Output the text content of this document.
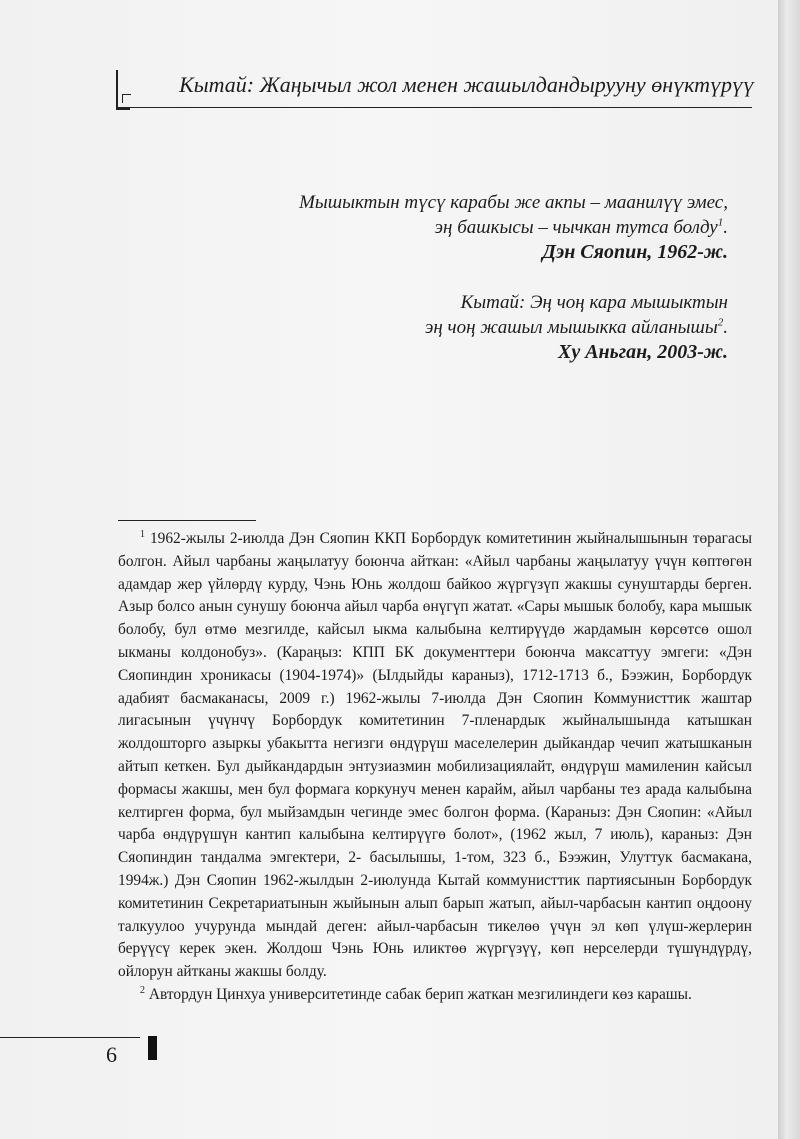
Кытай: Жаңычыл жол менен жашылдандырууну өнүктүрүү
Мышыктын түсү карабы же акпы – маанилүү эмес,
эң башкысы – чычкан тутса болду$^1$.
Дэн Сяопин, 1962-ж.
Кытай: Эң чоң кара мышыктын
эң чоң жашыл мышыкка айланышы$^2$.
Ху Аньган, 2003-ж.

$^1$ 1962-жылы 2-июлда Дэн Сяопин ККП Борбордук комитетинин жыйналышынын төрагасы болгон. Айыл чарбаны жаңылатуу боюнча айткан: «Айыл чарбаны жаңылатуу үчүн көптөгөн адамдар жер үйлөрдү курду, Чэнь Юнь жолдош байкоо жүргүзүп жакшы сунуштарды берген. Азыр болсо анын сунушу боюнча айыл чарба өнүгүп жатат. «Сары мышык болобу, кара мышык болобу, бул өтмө мезгилде, кайсыл ыкма калыбына келтирүүдө жардамын көрсөтсө ошол ыкманы колдонобуз». (Караңыз: КПП БК документтери боюнча максаттуу эмгеги: «Дэн Сяопиндин хроникасы (1904-1974)» (Ылдыйды караныз), 1712-1713 б., Бээжин, Борбордук адабият басмаканасы, 2009 г.) 1962-жылы 7-июлда Дэн Сяопин Коммунисттик жаштар лигасынын үчүнчү Борбордук комитетинин 7-пленардык жыйналышында катышкан жолдошторго азыркы убакытта негизги өндүрүш маселелерин дыйкандар чечип жатышканын айтып кеткен. Бул дыйкандардын энтузиазмин мобилизациялайт, өндүрүш мамиленин кайсыл формасы жакшы, мен бул формага коркунуч менен карайм, айыл чарбаны тез арада калыбына келтирген форма, бул мыйзамдын чегинде эмес болгон форма. (Караныз: Дэн Сяопин: «Айыл чарба өндүрүшүн кантип калыбына келтирүүгө болот», (1962 жыл, 7 июль), караныз: Дэн Сяопиндин тандалма эмгектери, 2- басылышы, 1-том, 323 б., Бээжин, Улуттук басмакана, 1994ж.) Дэн Сяопин 1962-жылдын 2-июлунда Кытай коммунисттик партиясынын Борбордук комитетинин Секретариатынын жыйынын алып барып жатып, айыл-чарбасын кантип оңдоону талкуулоо учурунда мындай деген: айыл-чарбасын тикелөө үчүн эл көп үлүш-жерлерин берүүсү керек экен. Жолдош Чэнь Юнь иликтөө жүргүзүү, көп нерселерди түшүндүрдү, ойлорун айтканы жакшы болду.

$^2$ Автордун Цинхуа университетинде сабак берип жаткан мезгилиндеги көз карашы.

6
